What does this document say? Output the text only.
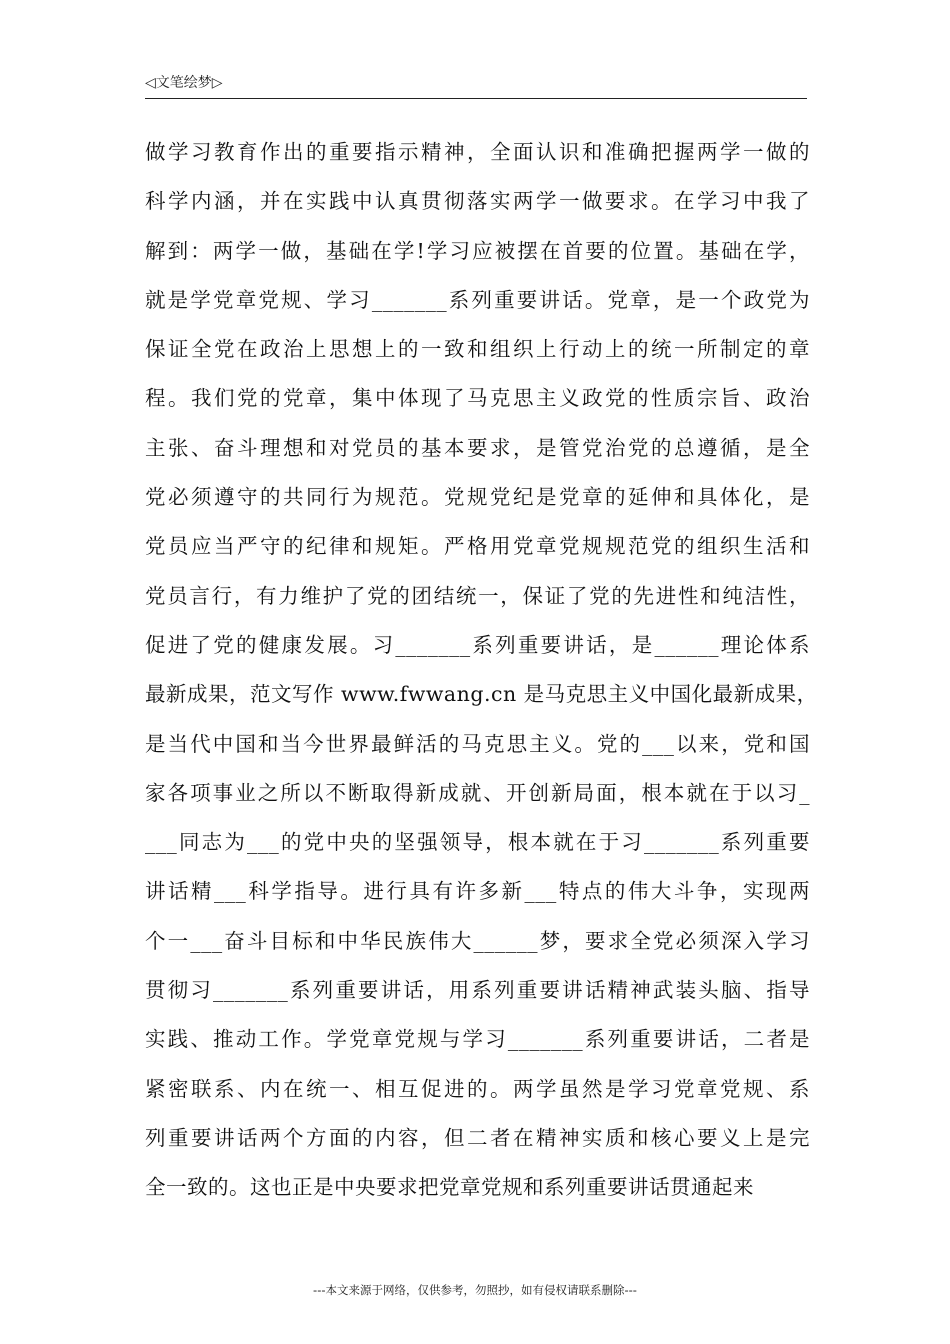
◁文笔绘梦▷
做学习教育作出的重要指示精神，全面认识和准确把握两学一做的
科学内涵，并在实践中认真贯彻落实两学一做要求。在学习中我了
解到：两学一做，基础在学!学习应被摆在首要的位置。基础在学，
就是学党章党规、学习_______系列重要讲话。党章，是一个政党为
保证全党在政治上思想上的一致和组织上行动上的统一所制定的章
程。我们党的党章，集中体现了马克思主义政党的性质宗旨、政治
主张、奋斗理想和对党员的基本要求，是管党治党的总遵循，是全
党必须遵守的共同行为规范。党规党纪是党章的延伸和具体化，是
党员应当严守的纪律和规矩。严格用党章党规规范党的组织生活和
党员言行，有力维护了党的团结统一，保证了党的先进性和纯洁性，
促进了党的健康发展。习_______系列重要讲话，是______理论体系
最新成果，范文写作 www.fwwang.cn 是马克思主义中国化最新成果，
是当代中国和当今世界最鲜活的马克思主义。党的___以来，党和国
家各项事业之所以不断取得新成就、开创新局面，根本就在于以习_
___同志为___的党中央的坚强领导，根本就在于习_______系列重要
讲话精___科学指导。进行具有许多新___特点的伟大斗争，实现两
个一___奋斗目标和中华民族伟大______梦，要求全党必须深入学习
贯彻习_______系列重要讲话，用系列重要讲话精神武装头脑、指导
实践、推动工作。学党章党规与学习_______系列重要讲话，二者是
紧密联系、内在统一、相互促进的。两学虽然是学习党章党规、系
列重要讲话两个方面的内容，但二者在精神实质和核心要义上是完
全一致的。这也正是中央要求把党章党规和系列重要讲话贯通起来
---本文来源于网络，仅供参考，勿照抄，如有侵权请联系删除---
